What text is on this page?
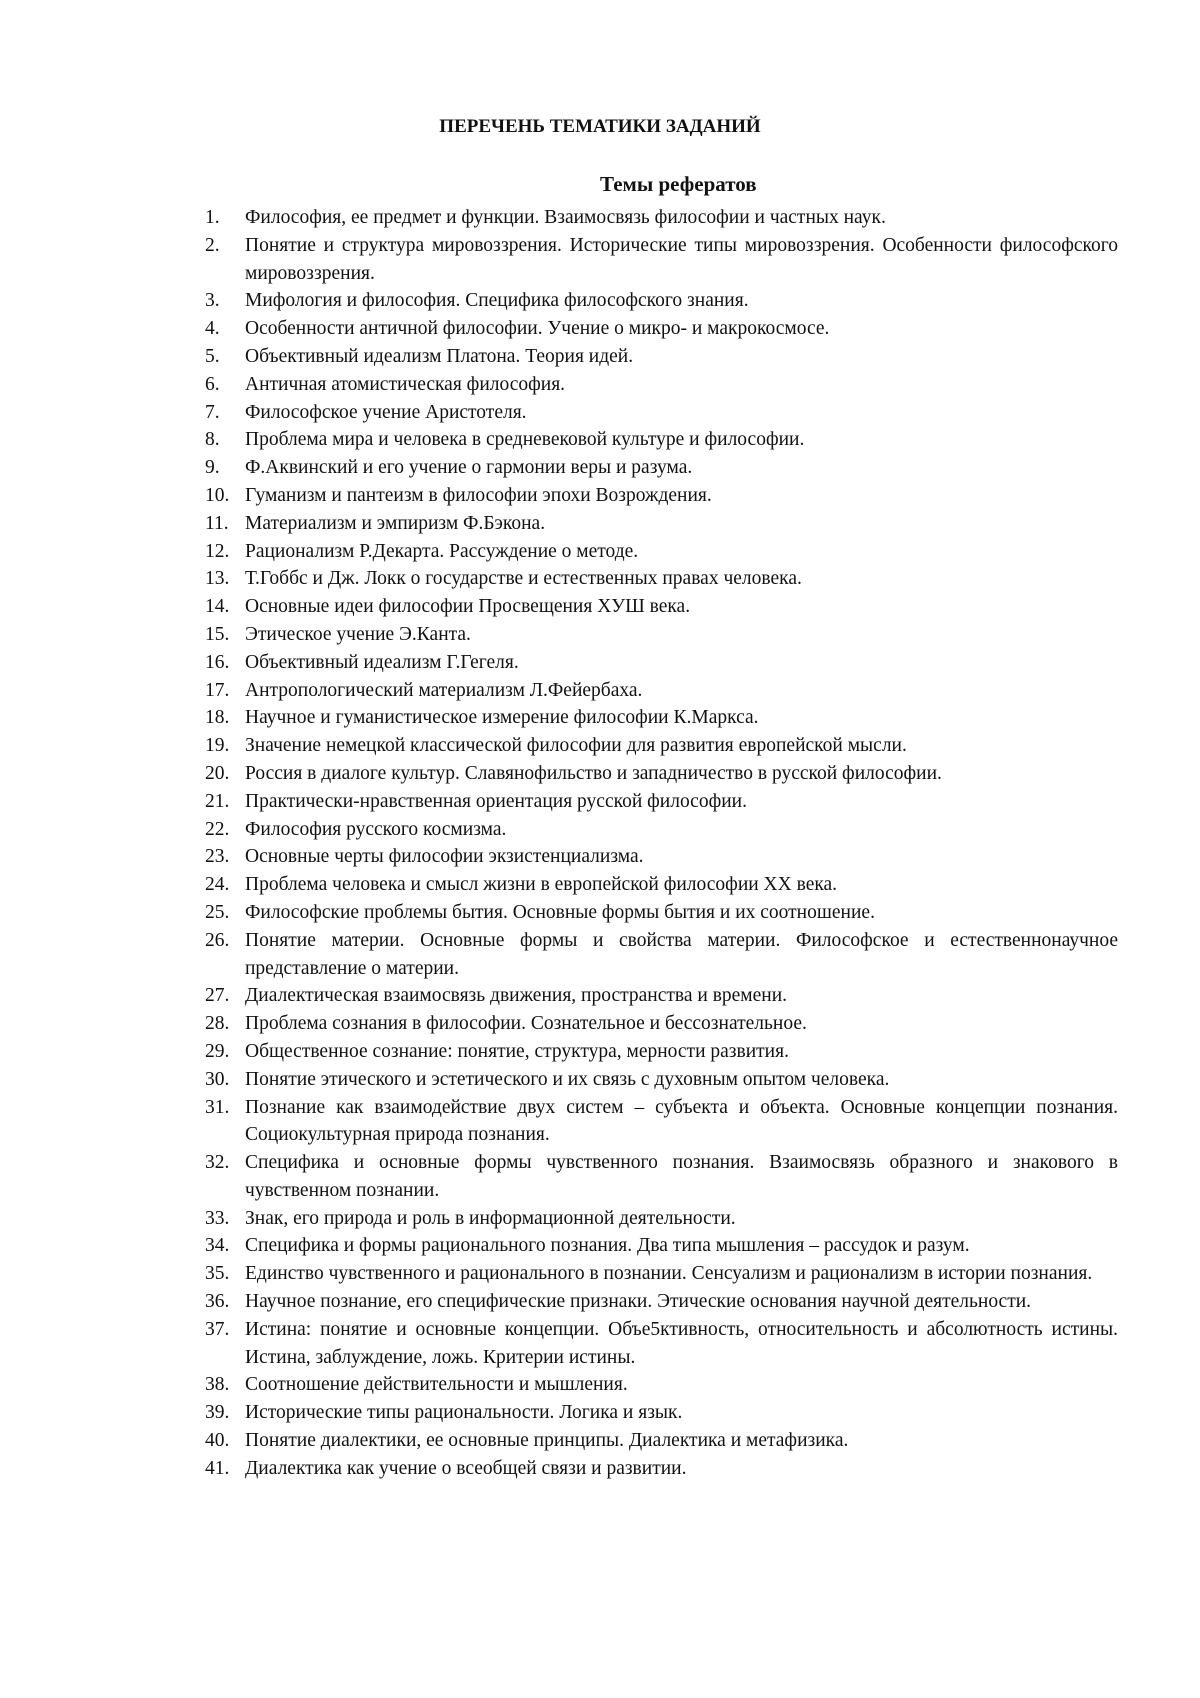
ПЕРЕЧЕНЬ ТЕМАТИКИ ЗАДАНИЙ
Темы рефератов
1.	Философия, ее предмет и функции. Взаимосвязь философии и частных наук.
2.	Понятие и структура мировоззрения. Исторические типы мировоззрения. Особенности философского мировоззрения.
3.	Мифология и философия. Специфика философского знания.
4.	Особенности античной философии. Учение о микро- и макрокосмосе.
5.	Объективный идеализм Платона. Теория идей.
6.	Античная атомистическая философия.
7.	Философское учение Аристотеля.
8.	Проблема мира и человека в средневековой культуре и философии.
9.	Ф.Аквинский и его учение о гармонии веры и разума.
10. Гуманизм и пантеизм в философии эпохи Возрождения.
11. Материализм и эмпиризм Ф.Бэкона.
12. Рационализм Р.Декарта. Рассуждение о методе.
13. Т.Гоббс и Дж. Локк о государстве и естественных правах человека.
14. Основные идеи философии Просвещения ХУШ века.
15. Этическое учение Э.Канта.
16. Объективный идеализм Г.Гегеля.
17. Антропологический материализм Л.Фейербаха.
18. Научное и гуманистическое измерение философии К.Маркса.
19. Значение немецкой классической философии для развития европейской мысли.
20. Россия в диалоге культур. Славянофильство и западничество в русской философии.
21. Практически-нравственная ориентация русской философии.
22. Философия русского космизма.
23. Основные черты философии экзистенциализма.
24. Проблема человека и смысл жизни в европейской философии ХХ века.
25. Философские проблемы бытия. Основные формы бытия и их соотношение.
26. Понятие материи. Основные формы и свойства материи. Философское и естественнонаучное представление о материи.
27. Диалектическая взаимосвязь движения, пространства и времени.
28. Проблема сознания в философии. Сознательное и бессознательное.
29. Общественное сознание: понятие, структура, мерности развития.
30. Понятие этического и эстетического и их связь с духовным опытом человека.
31. Познание как взаимодействие двух систем – субъекта и объекта. Основные концепции познания. Социокультурная природа познания.
32. Специфика и основные формы чувственного познания. Взаимосвязь образного и знакового в чувственном познании.
33. Знак, его природа и роль в информационной деятельности.
34. Специфика и формы рационального познания. Два типа мышления – рассудок и разум.
35. Единство чувственного и рационального в познании. Сенсуализм и рационализм в истории познания.
36. Научное познание, его специфические признаки. Этические основания научной деятельности.
37. Истина: понятие и основные концепции. Объе5ктивность, относительность и абсолютность истины. Истина, заблуждение, ложь. Критерии истины.
38. Соотношение действительности и мышления.
39. Исторические типы рациональности. Логика и язык.
40. Понятие диалектики, ее основные принципы. Диалектика и метафизика.
41. Диалектика как учение о всеобщей связи и развитии.
